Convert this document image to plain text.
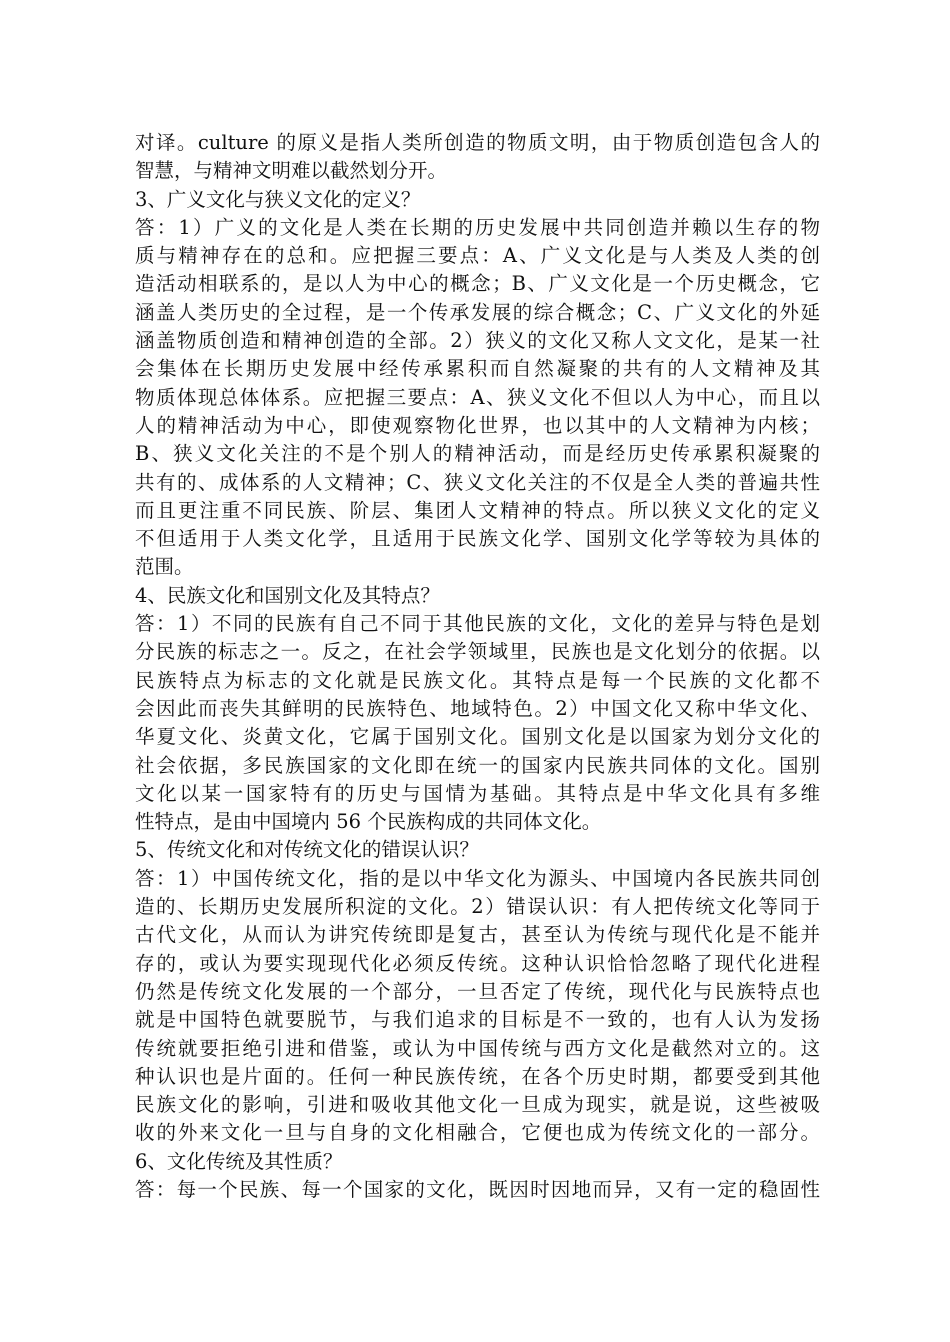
对译。culture 的原义是指人类所创造的物质文明，由于物质创造包含人的
智慧，与精神文明难以截然划分开。
3、广义文化与狭义文化的定义？
答：1）广义的文化是人类在长期的历史发展中共同创造并赖以生存的物
质与精神存在的总和。应把握三要点：A、广义文化是与人类及人类的创
造活动相联系的，是以人为中心的概念；B、广义文化是一个历史概念，它
涵盖人类历史的全过程，是一个传承发展的综合概念；C、广义文化的外延
涵盖物质创造和精神创造的全部。2）狭义的文化又称人文文化，是某一社
会集体在长期历史发展中经传承累积而自然凝聚的共有的人文精神及其
物质体现总体体系。应把握三要点：A、狭义文化不但以人为中心，而且以
人的精神活动为中心，即使观察物化世界，也以其中的人文精神为内核；
B、狭义文化关注的不是个别人的精神活动，而是经历史传承累积凝聚的
共有的、成体系的人文精神；C、狭义文化关注的不仅是全人类的普遍共性
而且更注重不同民族、阶层、集团人文精神的特点。所以狭义文化的定义
不但适用于人类文化学，且适用于民族文化学、国别文化学等较为具体的
范围。
4、民族文化和国别文化及其特点？
答：1）不同的民族有自己不同于其他民族的文化，文化的差异与特色是划
分民族的标志之一。反之，在社会学领域里，民族也是文化划分的依据。以
民族特点为标志的文化就是民族文化。其特点是每一个民族的文化都不
会因此而丧失其鲜明的民族特色、地域特色。2）中国文化又称中华文化、
华夏文化、炎黄文化，它属于国别文化。国别文化是以国家为划分文化的
社会依据，多民族国家的文化即在统一的国家内民族共同体的文化。国别
文化以某一国家特有的历史与国情为基础。其特点是中华文化具有多维
性特点，是由中国境内 56 个民族构成的共同体文化。
5、传统文化和对传统文化的错误认识？
答：1）中国传统文化，指的是以中华文化为源头、中国境内各民族共同创
造的、长期历史发展所积淀的文化。2）错误认识：有人把传统文化等同于
古代文化，从而认为讲究传统即是复古，甚至认为传统与现代化是不能并
存的，或认为要实现现代化必须反传统。这种认识恰恰忽略了现代化进程
仍然是传统文化发展的一个部分，一旦否定了传统，现代化与民族特点也
就是中国特色就要脱节，与我们追求的目标是不一致的，也有人认为发扬
传统就要拒绝引进和借鉴，或认为中国传统与西方文化是截然对立的。这
种认识也是片面的。任何一种民族传统，在各个历史时期，都要受到其他
民族文化的影响，引进和吸收其他文化一旦成为现实，就是说，这些被吸
收的外来文化一旦与自身的文化相融合，它便也成为传统文化的一部分。
6、文化传统及其性质？
答：每一个民族、每一个国家的文化，既因时因地而异，又有一定的稳固性
